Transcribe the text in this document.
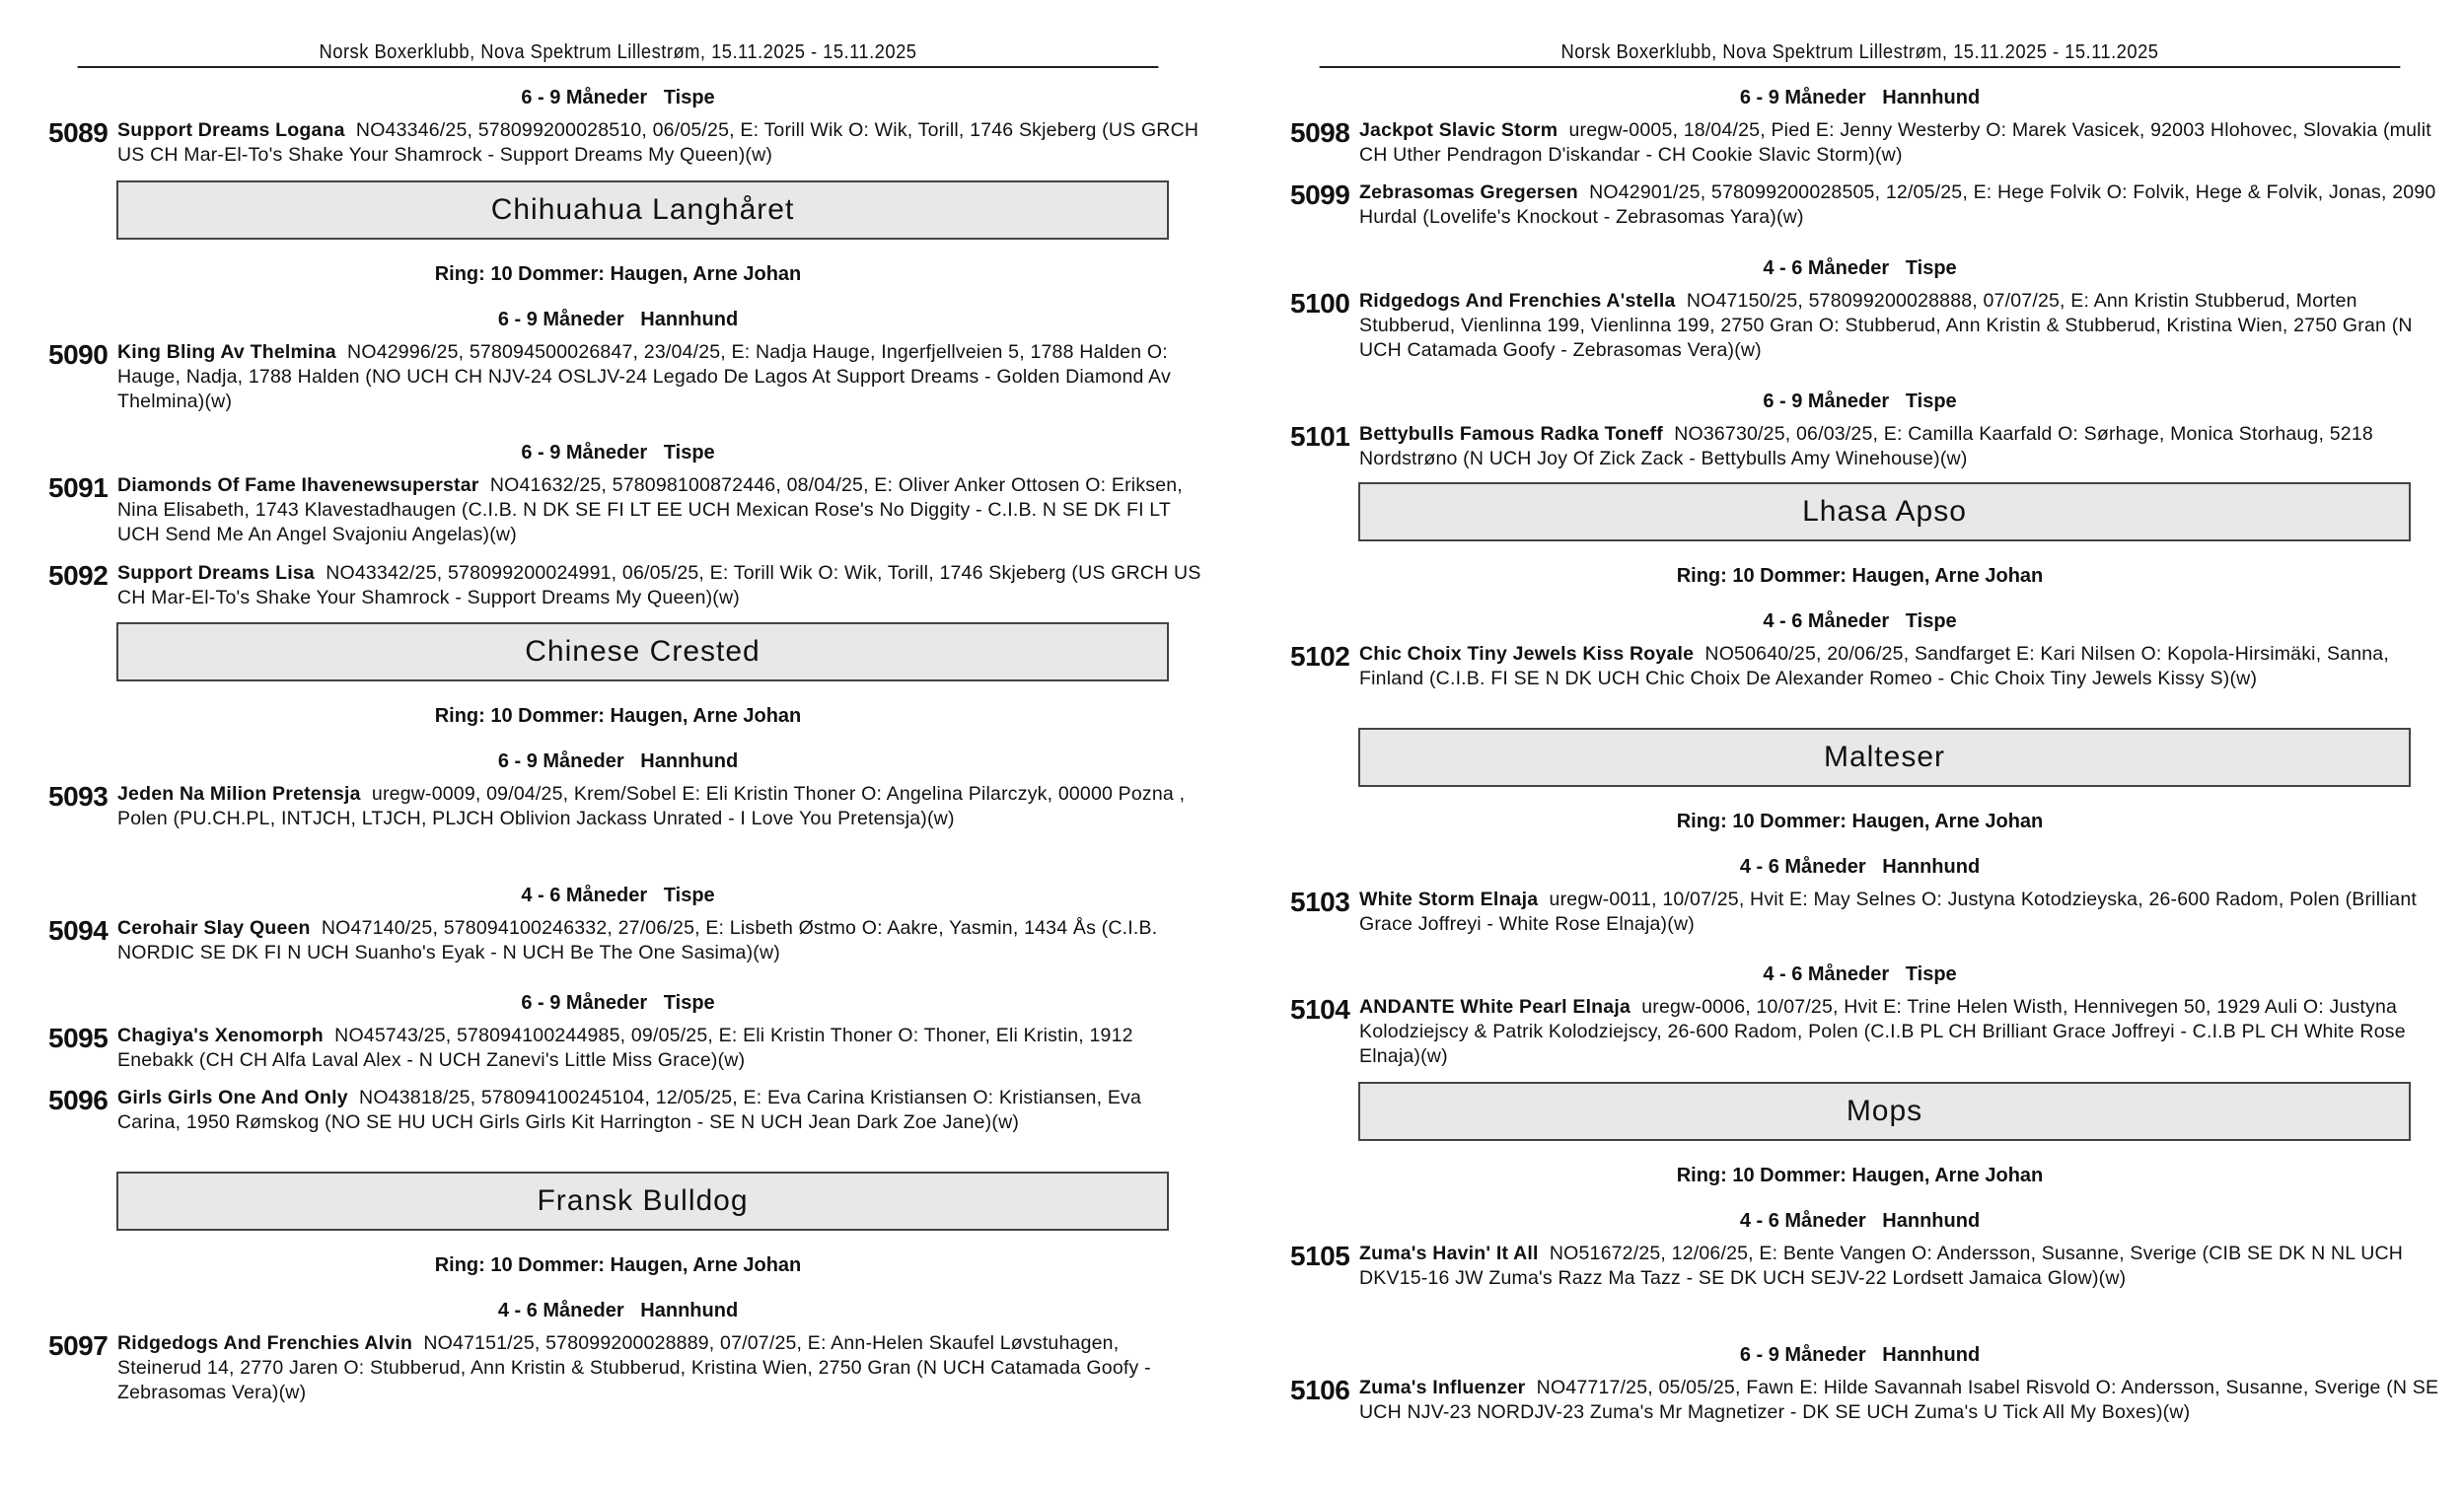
Norsk Boxerklubb, Nova Spektrum Lillestrøm, 15.11.2025 - 15.11.2025
6 - 9 Måneder   Tispe
5089 Support Dreams Logana NO43346/25, 578099200028510, 06/05/25, E: Torill Wik O: Wik, Torill, 1746 Skjeberg (US GRCH US CH Mar-El-To's Shake Your Shamrock - Support Dreams My Queen)(w)
Chihuahua Langhåret
Ring: 10 Dommer: Haugen, Arne Johan
6 - 9 Måneder   Hannhund
5090 King Bling Av Thelmina NO42996/25, 578094500026847, 23/04/25, E: Nadja Hauge, Ingerfjellveien 5, 1788 Halden O: Hauge, Nadja, 1788 Halden (NO UCH CH NJV-24 OSLJV-24 Legado De Lagos At Support Dreams - Golden Diamond Av Thelmina)(w)
6 - 9 Måneder   Tispe
5091 Diamonds Of Fame Ihavenewsuperstar NO41632/25, 578098100872446, 08/04/25, E: Oliver Anker Ottosen O: Eriksen, Nina Elisabeth, 1743 Klavestadhaugen (C.I.B. N DK SE FI LT EE UCH Mexican Rose's No Diggity - C.I.B. N SE DK FI LT UCH Send Me An Angel Svajoniu Angelas)(w)
5092 Support Dreams Lisa NO43342/25, 578099200024991, 06/05/25, E: Torill Wik O: Wik, Torill, 1746 Skjeberg (US GRCH US CH Mar-El-To's Shake Your Shamrock - Support Dreams My Queen)(w)
Chinese Crested
Ring: 10 Dommer: Haugen, Arne Johan
6 - 9 Måneder   Hannhund
5093 Jeden Na Milion Pretensja uregw-0009, 09/04/25, Krem/Sobel E: Eli Kristin Thoner O: Angelina Pilarczyk, 00000 Pozna , Polen (PU.CH.PL, INTJCH, LTJCH, PLJCH Oblivion Jackass Unrated - I Love You Pretensja)(w)
4 - 6 Måneder   Tispe
5094 Cerohair Slay Queen NO47140/25, 578094100246332, 27/06/25, E: Lisbeth Østmo O: Aakre, Yasmin, 1434 Ås (C.I.B. NORDIC SE DK FI N UCH Suanho's Eyak - N UCH Be The One Sasima)(w)
6 - 9 Måneder   Tispe
5095 Chagiya's Xenomorph NO45743/25, 578094100244985, 09/05/25, E: Eli Kristin Thoner O: Thoner, Eli Kristin, 1912 Enebakk (CH CH Alfa Laval Alex - N UCH Zanevi's Little Miss Grace)(w)
5096 Girls Girls One And Only NO43818/25, 578094100245104, 12/05/25, E: Eva Carina Kristiansen O: Kristiansen, Eva Carina, 1950 Rømskog (NO SE HU UCH Girls Girls Kit Harrington - SE N UCH Jean Dark Zoe Jane)(w)
Fransk Bulldog
Ring: 10 Dommer: Haugen, Arne Johan
4 - 6 Måneder   Hannhund
5097 Ridgedogs And Frenchies Alvin NO47151/25, 578099200028889, 07/07/25, E: Ann-Helen Skaufel Løvstuhagen, Steinerud 14, 2770 Jaren O: Stubberud, Ann Kristin & Stubberud, Kristina Wien, 2750 Gran (N UCH Catamada Goofy - Zebrasomas Vera)(w)
Norsk Boxerklubb, Nova Spektrum Lillestrøm, 15.11.2025 - 15.11.2025
6 - 9 Måneder   Hannhund
5098 Jackpot Slavic Storm uregw-0005, 18/04/25, Pied E: Jenny Westerby O: Marek Vasicek, 92003 Hlohovec, Slovakia (mulit CH Uther Pendragon D'iskandar - CH Cookie Slavic Storm)(w)
5099 Zebrasomas Gregersen NO42901/25, 578099200028505, 12/05/25, E: Hege Folvik O: Folvik, Hege & Folvik, Jonas, 2090 Hurdal (Lovelife's Knockout - Zebrasomas Yara)(w)
4 - 6 Måneder   Tispe
5100 Ridgedogs And Frenchies A'stella NO47150/25, 578099200028888, 07/07/25, E: Ann Kristin Stubberud, Morten Stubberud, Vienlinna 199, Vienlinna 199, 2750 Gran O: Stubberud, Ann Kristin & Stubberud, Kristina Wien, 2750 Gran (N UCH Catamada Goofy - Zebrasomas Vera)(w)
6 - 9 Måneder   Tispe
5101 Bettybulls Famous Radka Toneff NO36730/25, 06/03/25, E: Camilla Kaarfald O: Sørhage, Monica Storhaug, 5218 Nordstrøno (N UCH Joy Of Zick Zack - Bettybulls Amy Winehouse)(w)
Lhasa Apso
Ring: 10 Dommer: Haugen, Arne Johan
4 - 6 Måneder   Tispe
5102 Chic Choix Tiny Jewels Kiss Royale NO50640/25, 20/06/25, Sandfarget E: Kari Nilsen O: Kopola-Hirsimäki, Sanna, Finland (C.I.B. FI SE N DK UCH Chic Choix De Alexander Romeo - Chic Choix Tiny Jewels Kissy S)(w)
Malteser
Ring: 10 Dommer: Haugen, Arne Johan
4 - 6 Måneder   Hannhund
5103 White Storm Elnaja uregw-0011, 10/07/25, Hvit E: May Selnes O: Justyna Kotodzieyska, 26-600 Radom, Polen (Brilliant Grace Joffreyi - White Rose Elnaja)(w)
4 - 6 Måneder   Tispe
5104 ANDANTE White Pearl Elnaja uregw-0006, 10/07/25, Hvit E: Trine Helen Wisth, Hennivegen 50, 1929 Auli O: Justyna Kolodziejscy & Patrik Kolodziejscy, 26-600 Radom, Polen (C.I.B PL CH Brilliant Grace Joffreyi - C.I.B PL CH White Rose Elnaja)(w)
Mops
Ring: 10 Dommer: Haugen, Arne Johan
4 - 6 Måneder   Hannhund
5105 Zuma's Havin' It All NO51672/25, 12/06/25, E: Bente Vangen O: Andersson, Susanne, Sverige (CIB SE DK N NL UCH DKV15-16 JW Zuma's Razz Ma Tazz - SE DK UCH SEJV-22 Lordsett Jamaica Glow)(w)
6 - 9 Måneder   Hannhund
5106 Zuma's Influenzer NO47717/25, 05/05/25, Fawn E: Hilde Savannah Isabel Risvold O: Andersson, Susanne, Sverige (N SE UCH NJV-23 NORDJV-23 Zuma's Mr Magnetizer - DK SE UCH Zuma's U Tick All My Boxes)(w)
